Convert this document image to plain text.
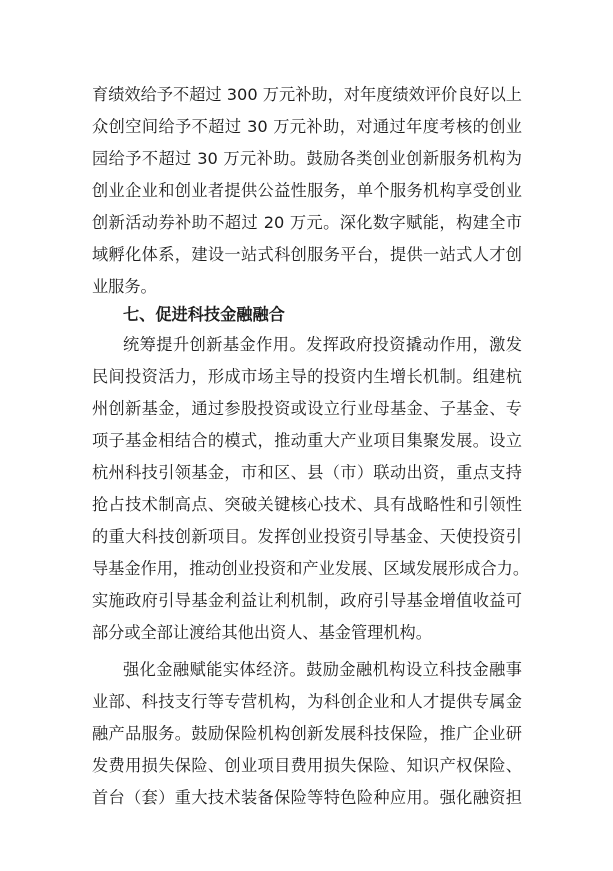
育绩效给予不超过 300 万元补助，对年度绩效评价良好以上
众创空间给予不超过 30 万元补助，对通过年度考核的创业
园给予不超过 30 万元补助。鼓励各类创业创新服务机构为
创业企业和创业者提供公益性服务，单个服务机构享受创业
创新活动券补助不超过 20 万元。深化数字赋能，构建全市
域孵化体系，建设一站式科创服务平台，提供一站式人才创
业服务。
七、促进科技金融融合
统筹提升创新基金作用。发挥政府投资撬动作用，激发
民间投资活力，形成市场主导的投资内生增长机制。组建杭
州创新基金，通过参股投资或设立行业母基金、子基金、专
项子基金相结合的模式，推动重大产业项目集聚发展。设立
杭州科技引领基金，市和区、县（市）联动出资，重点支持
抢占技术制高点、突破关键核心技术、具有战略性和引领性
的重大科技创新项目。发挥创业投资引导基金、天使投资引
导基金作用，推动创业投资和产业发展、区域发展形成合力。
实施政府引导基金利益让利机制，政府引导基金增值收益可
部分或全部让渡给其他出资人、基金管理机构。
强化金融赋能实体经济。鼓励金融机构设立科技金融事
业部、科技支行等专营机构，为科创企业和人才提供专属金
融产品服务。鼓励保险机构创新发展科技保险，推广企业研
发费用损失保险、创业项目费用损失保险、知识产权保险、
首台（套）重大技术装备保险等特色险种应用。强化融资担
